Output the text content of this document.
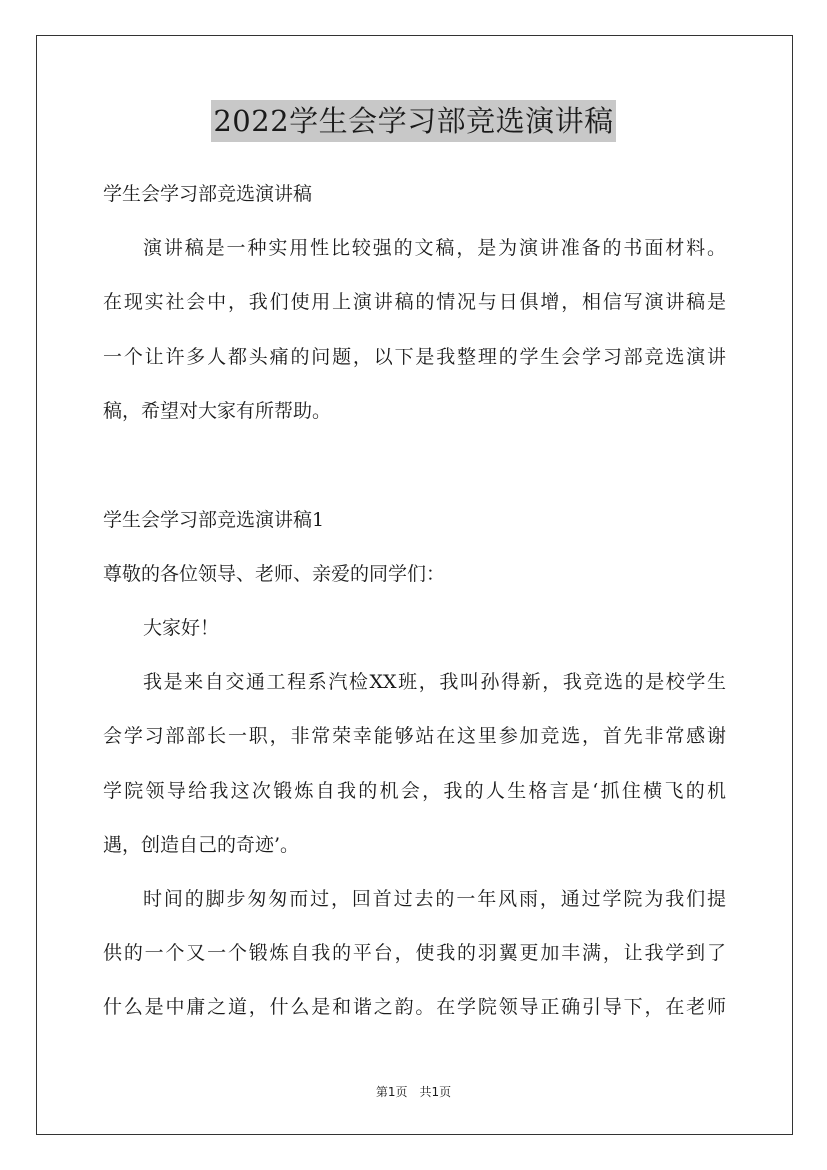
2022学生会学习部竞选演讲稿
学生会学习部竞选演讲稿
演讲稿是一种实用性比较强的文稿，是为演讲准备的书面材料。
在现实社会中，我们使用上演讲稿的情况与日俱增，相信写演讲稿是
一个让许多人都头痛的问题，以下是我整理的学生会学习部竞选演讲
稿，希望对大家有所帮助。
学生会学习部竞选演讲稿1
尊敬的各位领导、老师、亲爱的同学们：
大家好！
我是来自交通工程系汽检XX班，我叫孙得新，我竞选的是校学生
会学习部部长一职，非常荣幸能够站在这里参加竞选，首先非常感谢
学院领导给我这次锻炼自我的机会，我的人生格言是‘抓住横飞的机
遇，创造自己的奇迹’。
时间的脚步匆匆而过，回首过去的一年风雨，通过学院为我们提
供的一个又一个锻炼自我的平台，使我的羽翼更加丰满，让我学到了
什么是中庸之道，什么是和谐之韵。在学院领导正确引导下，在老师
第1页　共1页
